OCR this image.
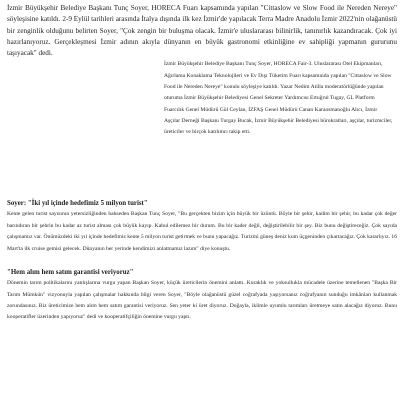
İzmir Büyükşehir Belediye Başkanı Tunç Soyer, HORECA Fuarı kapsamında yapılan "Cittaslow ve Slow Food ile Nereden Nereye" söyleşisine katıldı. 2-9 Eylül tarihleri arasında İtalya dışında ilk kez İzmir'de yapılacak Terra Madre Anadolu İzmir 2022'nin olağanüstü bir zenginlik olduğunu belirten Soyer, "Çok zengin bir buluşma olacak. İzmir'e uluslararası bilinirlik, tanınırlık kazandıracak. Çok iyi hazırlanıyoruz. Gerçekleşmesi İzmir adının akıyla dünyanın en büyük gastronomi etkinliğine ev sahipliği yapmanın gururunu taşıyacak" dedi.

İzmir Büyükşehir Belediye Başkanı Tunç Soyer, HORECA Fair-3. Uluslararası Otel Ekipmanları, Ağırlama Konaklama Teknolojileri ve Ev Dışı Tüketim Fuarı kapsamında yapılan "Cittaslow ve Slow Food ile Nereden Nereye" konulu söyleşiye katıldı. Yazar Nedim Atilla moderatörlüğünde yapılan oturuma İzmir Büyükşehir Belediyesi Genel Sekreter Yardımcısı Ertuğrul Tugay, GL Platform Fuarcılık Genel Müdürü Gül Ceylan, İZFAŞ Genel Müdürü Canan Karaosmanoğlu Alıcı, İzmir Aşçılar Derneği Başkanı Turgay Bucak, İzmir Büyükşehir Belediyesi bürokratları, aşçılar, turizmciler, üreticiler ve birçok katılımcı takip etti.

Soyer: "İki yıl içinde hedefimiz 5 milyon turist"

Kente gelen turist sayısının yetersizliğinden bahseden Başkan Tunç Soyer, "Bu gerçekten bizim için büyük bir üzüntü. Böyle bir şehir, kadim bir şehir, bu kadar çok değer barındıran bir şehrin bu kadar az turist alması çok büyük kayıp. Kabul edilemez bir durum. Bu bir kader değil, değiştirilebilir bir şey. Biz bunu değiştireceğiz. Çok sayıda çalışmamız var. Önümüzdeki iki yıl içinde hedefimiz kente 5 milyon turist getirmek ve bunu yapacağız. Turizmi güneş deniz kum üçgeninden çıkartacağız. Çok kararlıyız. 16 Mart'ta ilk cruise gemisi gelecek. Dünyanın her yerinde kendimizi anlatmamız lazım" diye konuştu.

"Hem alım hem satım garantisi veriyoruz"

Dönemin tarım politikalarını yanlışlarına vurgu yapan Başkan Soyer, küçük üreticilerin önemini anlattı. Kuraklık ve yoksullukla mücadele üzerine temellenen "Başka Bir Tarım Mümkün" vizyonuyla yapılan çalışmalar hakkında bilgi veren Soyer, "Böyle olağanüstü güzel coğrafyada yaşıyorsanız coğrafyanın sunduğu imkânları kullanmak zorundasınız. Biz üreticimize hem alım hem satım garantisi veriyoruz. Sen yeter ki üret diyoruz. Doğayla, iklimle uyumlu tarımları üretmeye satın alacağız diyoruz. Bunu kooperatifler üzerinden yapıyoruz" dedi ve kooperatifçiliğin önemine vurgu yaptı.
